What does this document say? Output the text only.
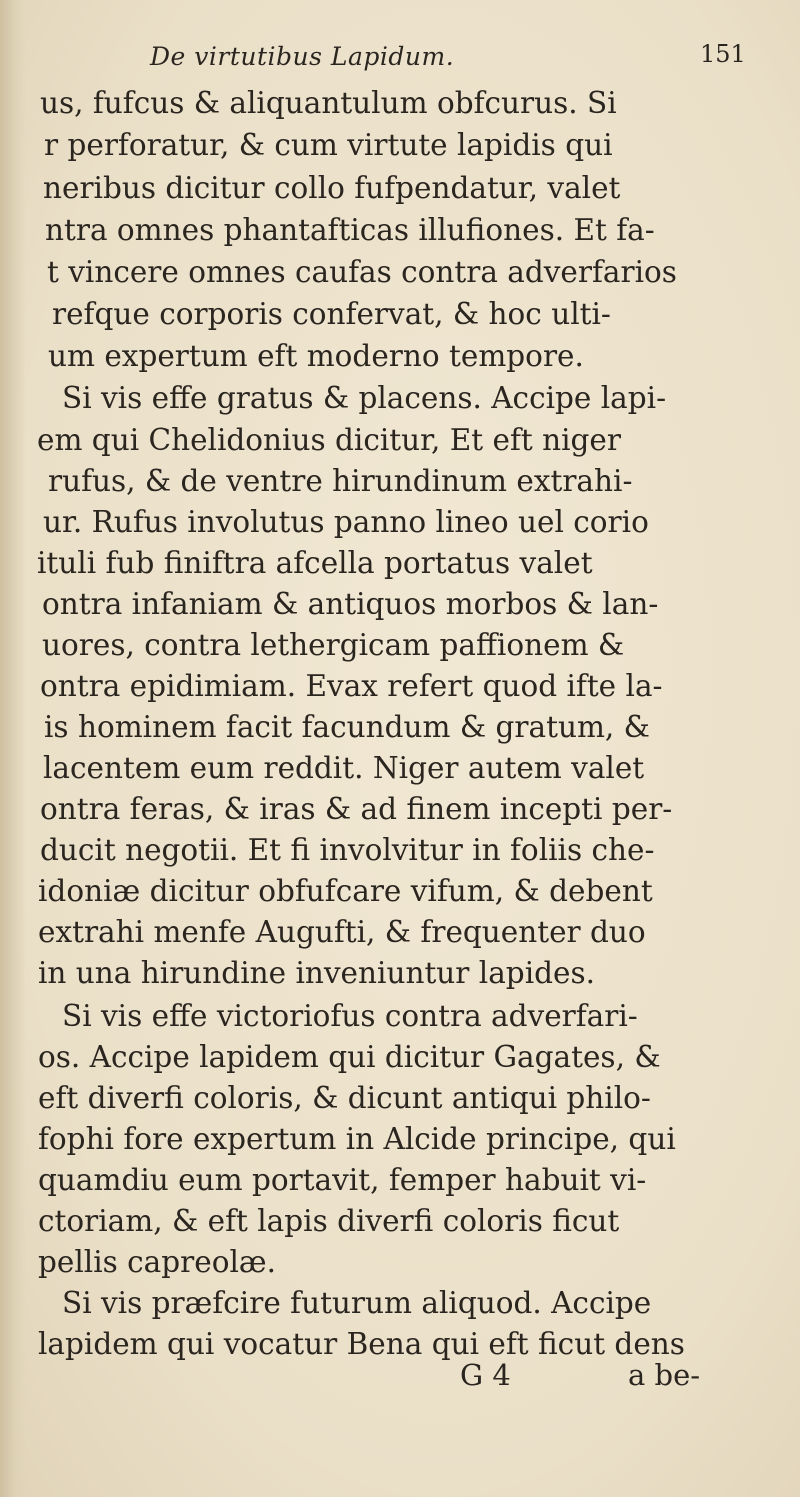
De virtutibus Lapidum.	151
us, fufcus & aliquantulum obfcurus. Si
r perforatur, & cum virtute lapidis qui
neribus dicitur collo fufpendatur, valet
ntra omnes phantafticas illufiones. Et fa-
t vincere omnes caufas contra adverfarios
refque corporis confervat, & hoc ulti-
um expertum eft moderno tempore.
Si vis effe gratus & placens. Accipe lapi-
em qui Chelidonius dicitur, Et eft niger
rufus, & de ventre hirundinum extrahi-
ur. Rufus involutus panno lineo uel corio
ituli fub finiftra afcella portatus valet
ontra infaniam & antiquos morbos & lan-
uores, contra lethergicam paffionem &
ontra epidimiam. Evax refert quod ifte la-
is hominem facit facundum & gratum, &
lacentem eum reddit. Niger autem valet
ontra feras, & iras & ad finem incepti per-
ducit negotii. Et fi involvitur in foliis che-
idoniæ dicitur obfufcare vifum, & debent
extrahi menfe Augufti, & frequenter duo
in una hirundine inveniuntur lapides.
Si vis effe victoriofus contra adverfari-
os. Accipe lapidem qui dicitur Gagates, &
eft diverfi coloris, & dicunt antiqui philo-
fophi fore expertum in Alcide principe, qui
quamdiu eum portavit, femper habuit vi-
ctoriam, & eft lapis diverfi coloris ficut
pellis capreolæ.
Si vis præfcire futurum aliquod. Accipe
lapidem qui vocatur Bena qui eft ficut dens
G 4	a be-
